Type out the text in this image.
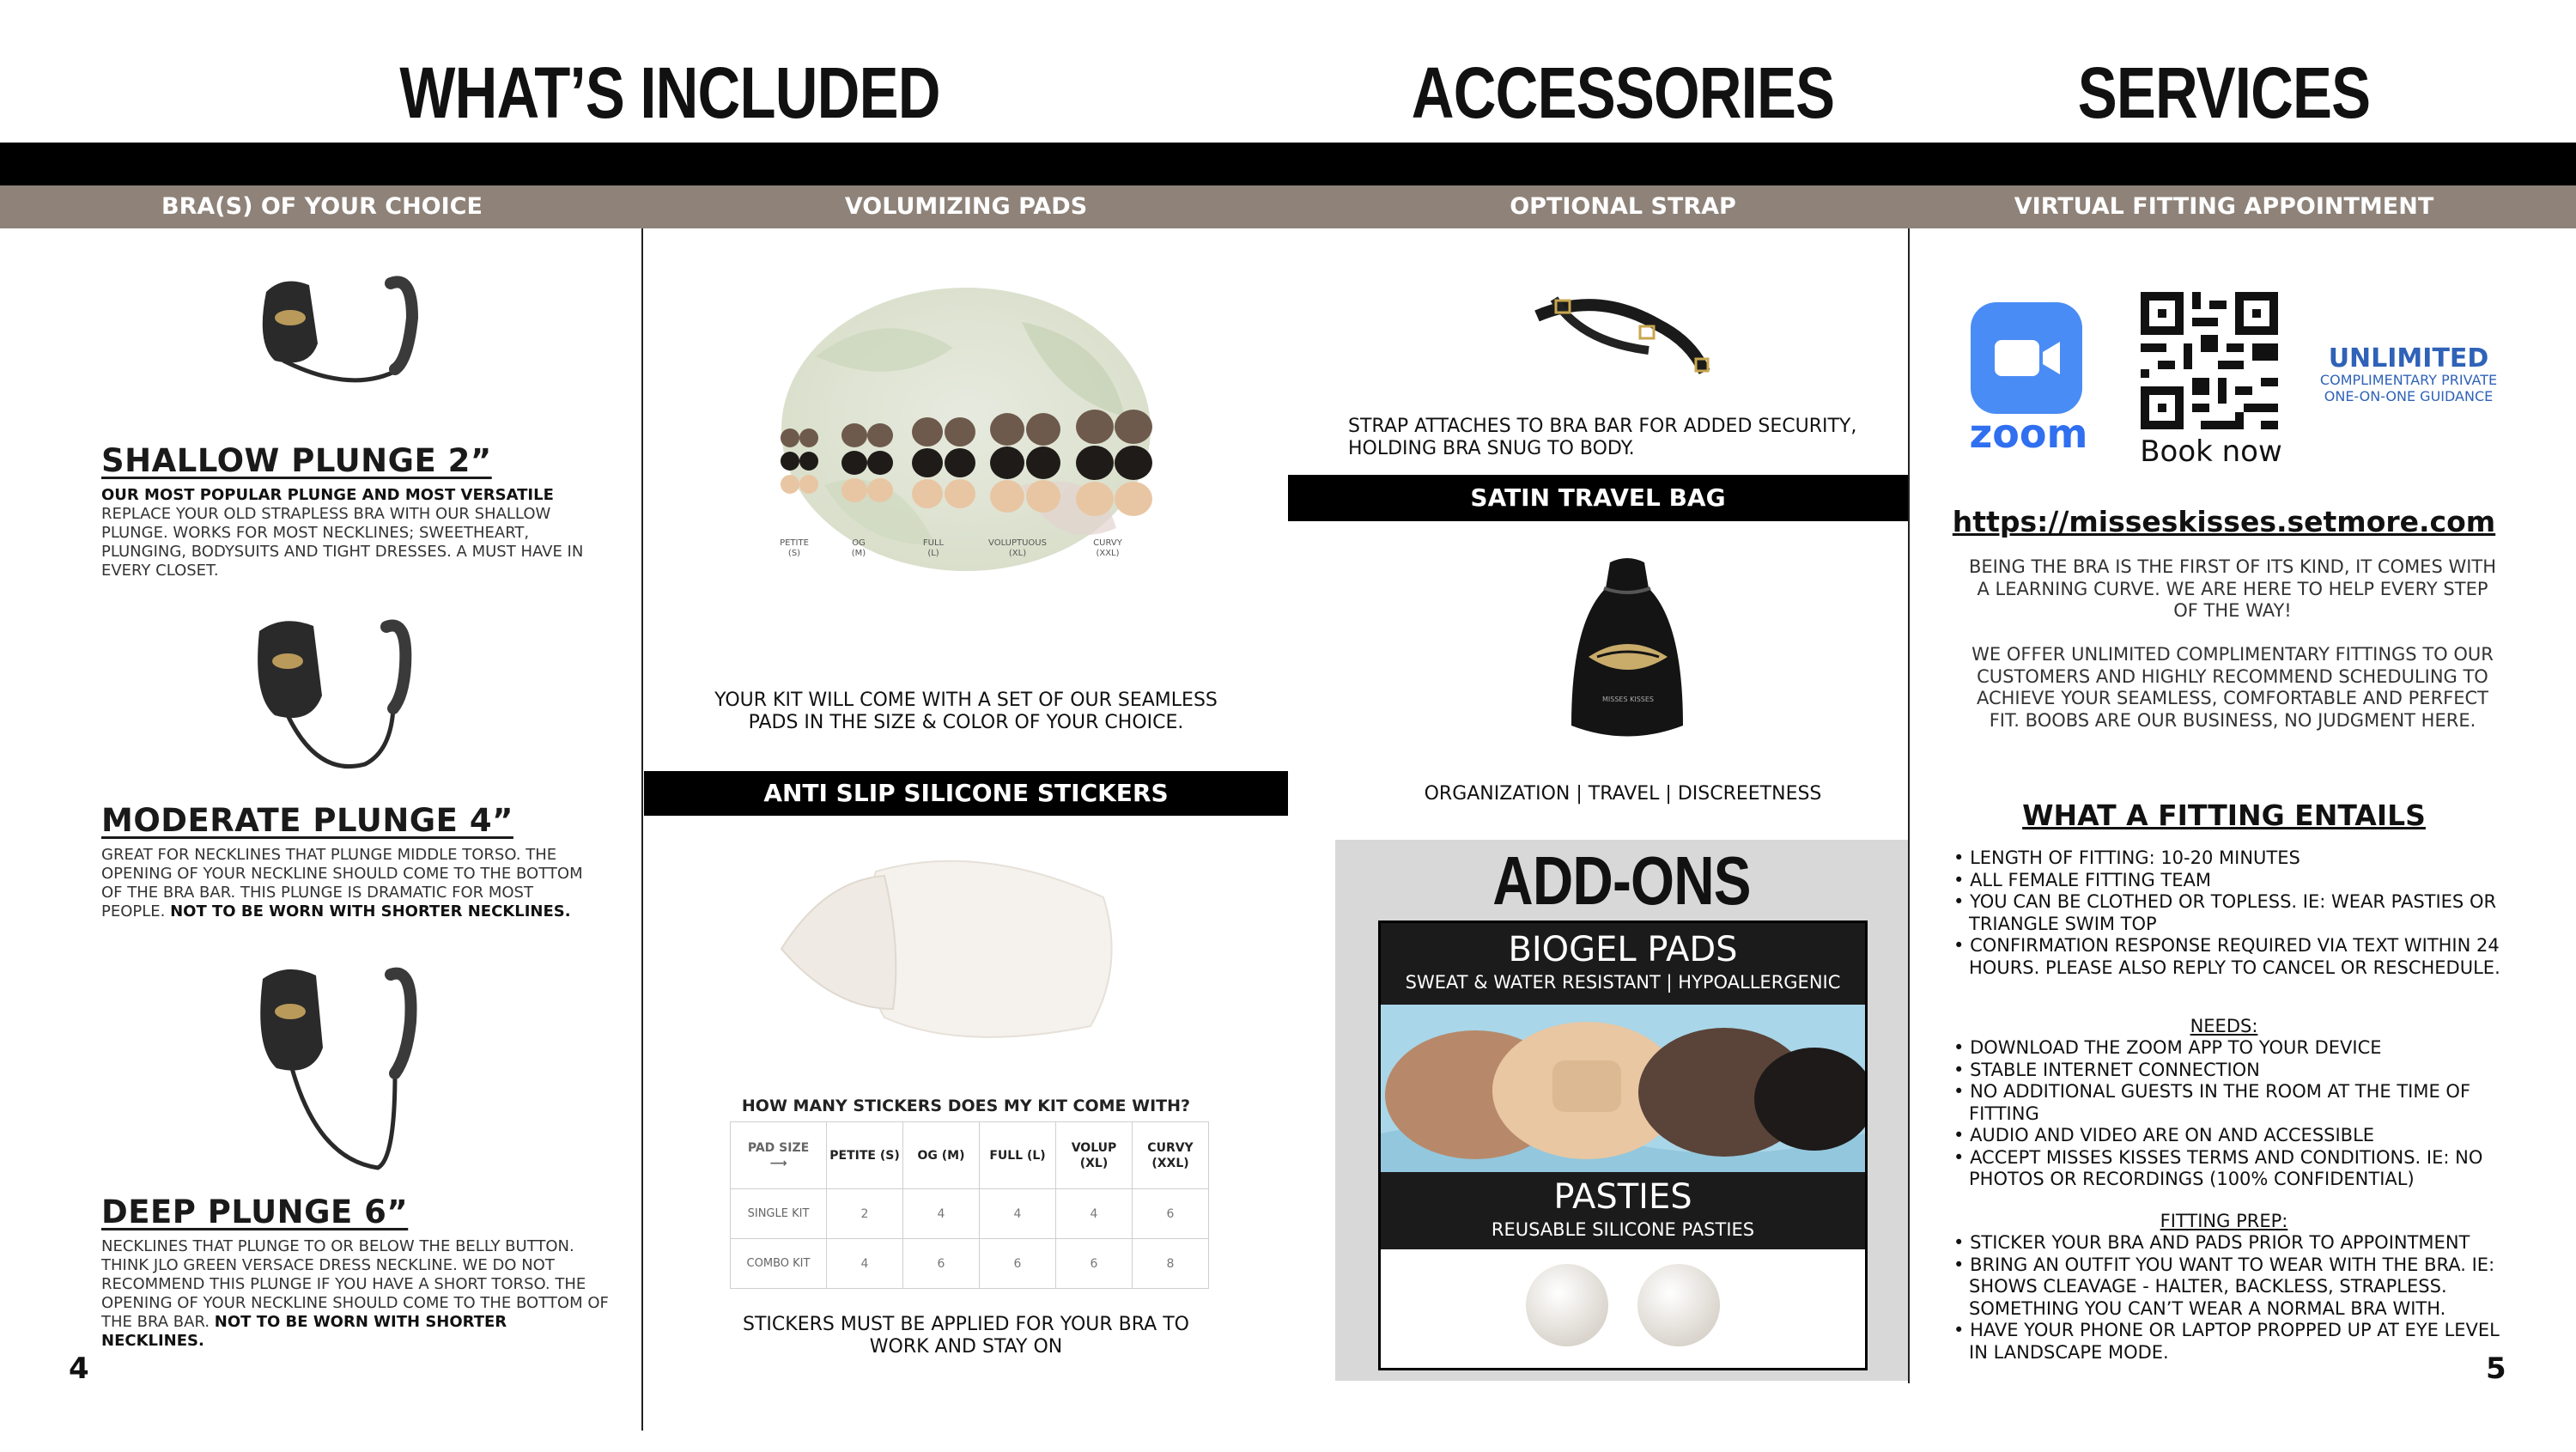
WHAT’S INCLUDED	ACCESSORIES	SERVICES
BRA(S) OF YOUR CHOICE	VOLUMIZING PADS	OPTIONAL STRAP	VIRTUAL FITTING APPOINTMENT
SHALLOW PLUNGE 2”
OUR MOST POPULAR PLUNGE AND MOST VERSATILE
REPLACE YOUR OLD STRAPLESS BRA WITH OUR SHALLOW PLUNGE. WORKS FOR MOST NECKLINES; SWEETHEART, PLUNGING, BODYSUITS AND TIGHT DRESSES. A MUST HAVE IN EVERY CLOSET.
MODERATE PLUNGE 4”
GREAT FOR NECKLINES THAT PLUNGE MIDDLE TORSO. THE OPENING OF YOUR NECKLINE SHOULD COME TO THE BOTTOM OF THE BRA BAR. THIS PLUNGE IS DRAMATIC FOR MOST PEOPLE. NOT TO BE WORN WITH SHORTER NECKLINES.
DEEP PLUNGE 6”
NECKLINES THAT PLUNGE TO OR BELOW THE BELLY BUTTON. THINK JLO GREEN VERSACE DRESS NECKLINE. WE DO NOT RECOMMEND THIS PLUNGE IF YOU HAVE A SHORT TORSO. THE OPENING OF YOUR NECKLINE SHOULD COME TO THE BOTTOM OF THE BRA BAR. NOT TO BE WORN WITH SHORTER NECKLINES.
4
PETITE
(S)
OG
(M)
FULL
(L)
VOLUPTUOUS
(XL)
CURVY
(XXL)
YOUR KIT WILL COME WITH A SET OF OUR SEAMLESS PADS IN THE SIZE & COLOR OF YOUR CHOICE.
ANTI SLIP SILICONE STICKERS
HOW MANY STICKERS DOES MY KIT COME WITH?
PAD SIZE
⟶	PETITE (S)	OG (M)	FULL (L)	VOLUP (XL)	CURVY (XXL)
SINGLE KIT	2	4	4	4	6
COMBO KIT	4	6	6	6	8
STICKERS MUST BE APPLIED FOR YOUR BRA TO WORK AND STAY ON
STRAP ATTACHES TO BRA BAR FOR ADDED SECURITY, HOLDING BRA SNUG TO BODY.
SATIN TRAVEL BAG
MISSES KISSES
ORGANIZATION | TRAVEL | DISCREETNESS
ADD-ONS
BIOGEL PADS
SWEAT & WATER RESISTANT | HYPOALLERGENIC
PASTIES
REUSABLE SILICONE PASTIES
zoom	Book now
UNLIMITED
COMPLIMENTARY PRIVATE ONE-ON-ONE GUIDANCE
https://misseskisses.setmore.com
BEING THE BRA IS THE FIRST OF ITS KIND, IT COMES WITH A LEARNING CURVE. WE ARE HERE TO HELP EVERY STEP OF THE WAY!
WE OFFER UNLIMITED COMPLIMENTARY FITTINGS TO OUR CUSTOMERS AND HIGHLY RECOMMEND SCHEDULING TO ACHIEVE YOUR SEAMLESS, COMFORTABLE AND PERFECT FIT. BOOBS ARE OUR BUSINESS, NO JUDGMENT HERE.
WHAT A FITTING ENTAILS
• LENGTH OF FITTING: 10-20 MINUTES
• ALL FEMALE FITTING TEAM
• YOU CAN BE CLOTHED OR TOPLESS. IE: WEAR PASTIES OR TRIANGLE SWIM TOP
• CONFIRMATION RESPONSE REQUIRED VIA TEXT WITHIN 24 HOURS. PLEASE ALSO REPLY TO CANCEL OR RESCHEDULE.
NEEDS:
• DOWNLOAD THE ZOOM APP TO YOUR DEVICE
• STABLE INTERNET CONNECTION
• NO ADDITIONAL GUESTS IN THE ROOM AT THE TIME OF FITTING
• AUDIO AND VIDEO ARE ON AND ACCESSIBLE
• ACCEPT MISSES KISSES TERMS AND CONDITIONS. IE: NO PHOTOS OR RECORDINGS (100% CONFIDENTIAL)
FITTING PREP:
• STICKER YOUR BRA AND PADS PRIOR TO APPOINTMENT
• BRING AN OUTFIT YOU WANT TO WEAR WITH THE BRA. IE: SHOWS CLEAVAGE - HALTER, BACKLESS, STRAPLESS. SOMETHING YOU CAN’T WEAR A NORMAL BRA WITH.
• HAVE YOUR PHONE OR LAPTOP PROPPED UP AT EYE LEVEL IN LANDSCAPE MODE.	5
